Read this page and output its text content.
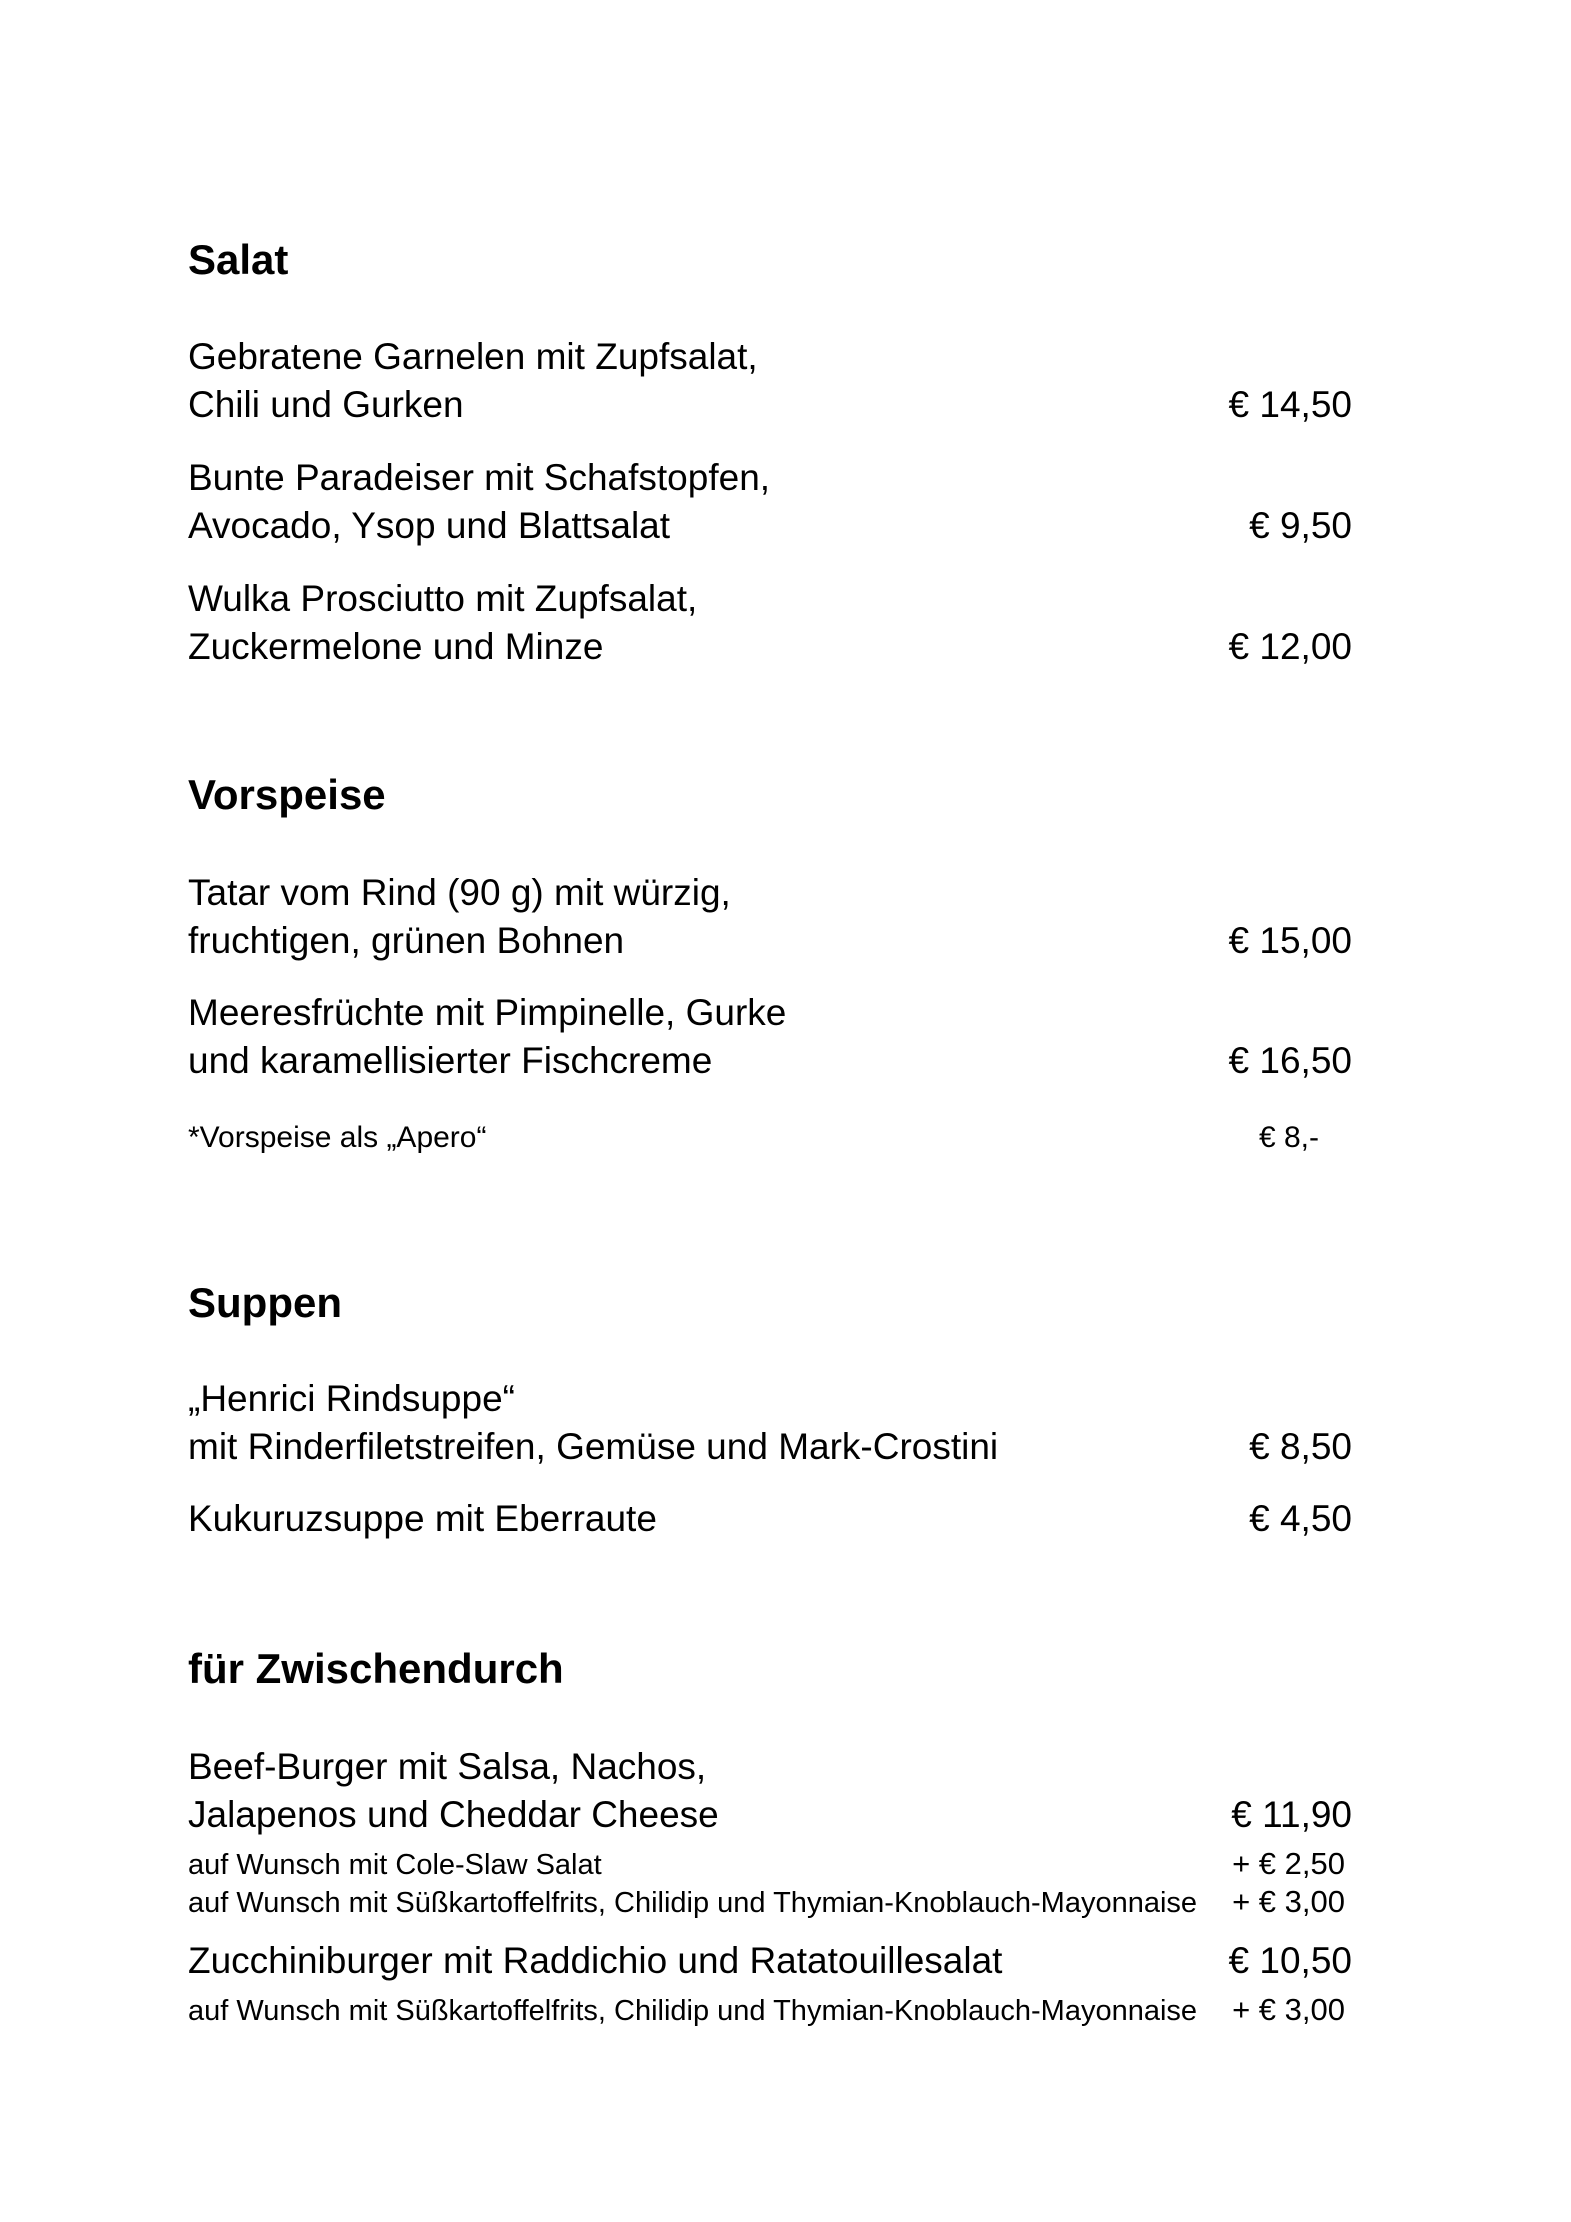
Salat
Gebratene Garnelen mit Zupfsalat,
Chili und Gurken	€ 14,50
Bunte Paradeiser mit Schafstopfen,
Avocado, Ysop und Blattsalat	€ 9,50
Wulka Prosciutto mit Zupfsalat,
Zuckermelone und Minze	€ 12,00
Vorspeise
Tatar vom Rind (90 g) mit würzig,
fruchtigen, grünen Bohnen	€ 15,00
Meeresfrüchte mit Pimpinelle, Gurke
und karamellisierter Fischcreme	€ 16,50
*Vorspeise als „Apero“	€ 8,-
Suppen
„Henrici Rindsuppe“
mit Rinderfiletstreifen, Gemüse und Mark-Crostini	€ 8,50
Kukuruzsuppe mit Eberraute	€ 4,50
für Zwischendurch
Beef-Burger mit Salsa, Nachos,
Jalapenos und Cheddar Cheese	€ 11,90
auf Wunsch mit Cole-Slaw Salat	+ € 2,50
auf Wunsch mit Süßkartoffelfrits, Chilidip und Thymian-Knoblauch-Mayonnaise + € 3,00
Zucchiniburger mit Raddichio und Ratatouillesalat	€ 10,50
auf Wunsch mit Süßkartoffelfrits, Chilidip und Thymian-Knoblauch-Mayonnaise + € 3,00
